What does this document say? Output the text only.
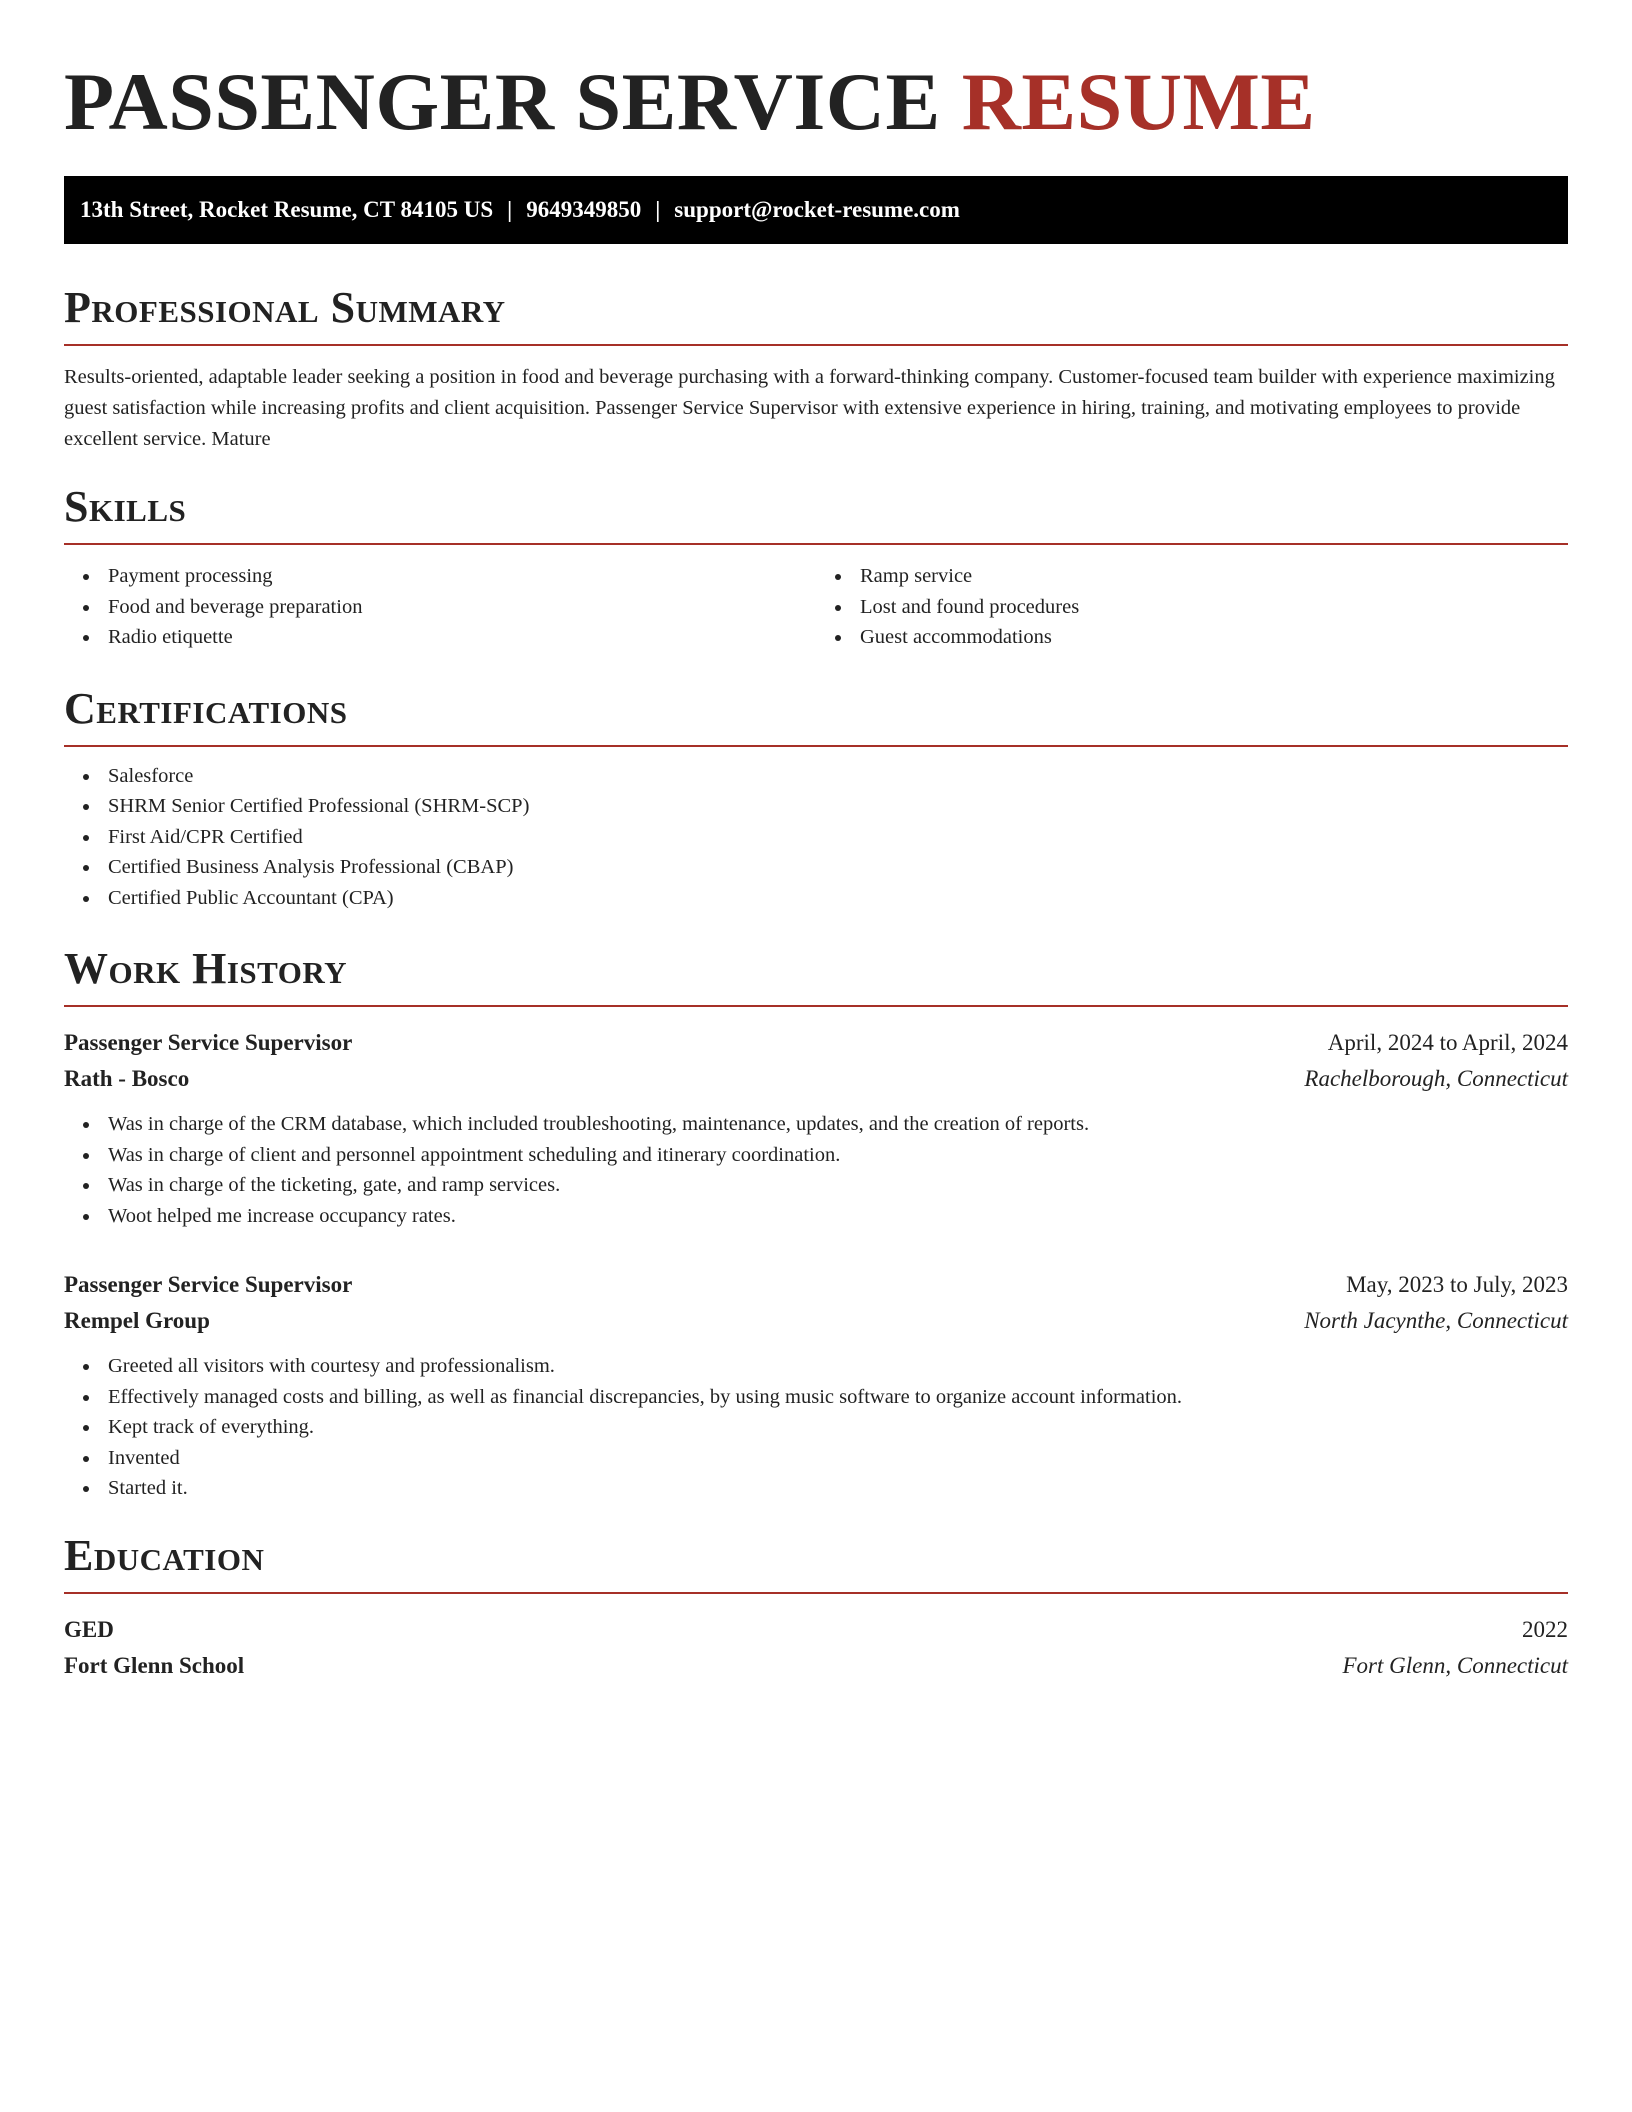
PASSENGER SERVICE RESUME
13th Street, Rocket Resume, CT 84105 US | 9649349850 | support@rocket-resume.com
Professional Summary

Results-oriented, adaptable leader seeking a position in food and beverage purchasing with a forward-thinking company. Customer-focused team builder with experience maximizing guest satisfaction while increasing profits and client acquisition. Passenger Service Supervisor with extensive experience in hiring, training, and motivating employees to provide excellent service. Mature

Skills
Payment processing
Food and beverage preparation
Radio etiquette
Ramp service
Lost and found procedures
Guest accommodations
Certifications
Salesforce
SHRM Senior Certified Professional (SHRM-SCP)
First Aid/CPR Certified
Certified Business Analysis Professional (CBAP)
Certified Public Accountant (CPA)
Work History
Passenger Service Supervisor	April, 2024 to April, 2024
Rath - Bosco	Rachelborough, Connecticut
Was in charge of the CRM database, which included troubleshooting, maintenance, updates, and the creation of reports.
Was in charge of client and personnel appointment scheduling and itinerary coordination.
Was in charge of the ticketing, gate, and ramp services.
Woot helped me increase occupancy rates.
Passenger Service Supervisor	May, 2023 to July, 2023
Rempel Group	North Jacynthe, Connecticut
Greeted all visitors with courtesy and professionalism.
Effectively managed costs and billing, as well as financial discrepancies, by using music software to organize account information.
Kept track of everything.
Invented
Started it.
Education
GED	2022
Fort Glenn School	Fort Glenn, Connecticut
